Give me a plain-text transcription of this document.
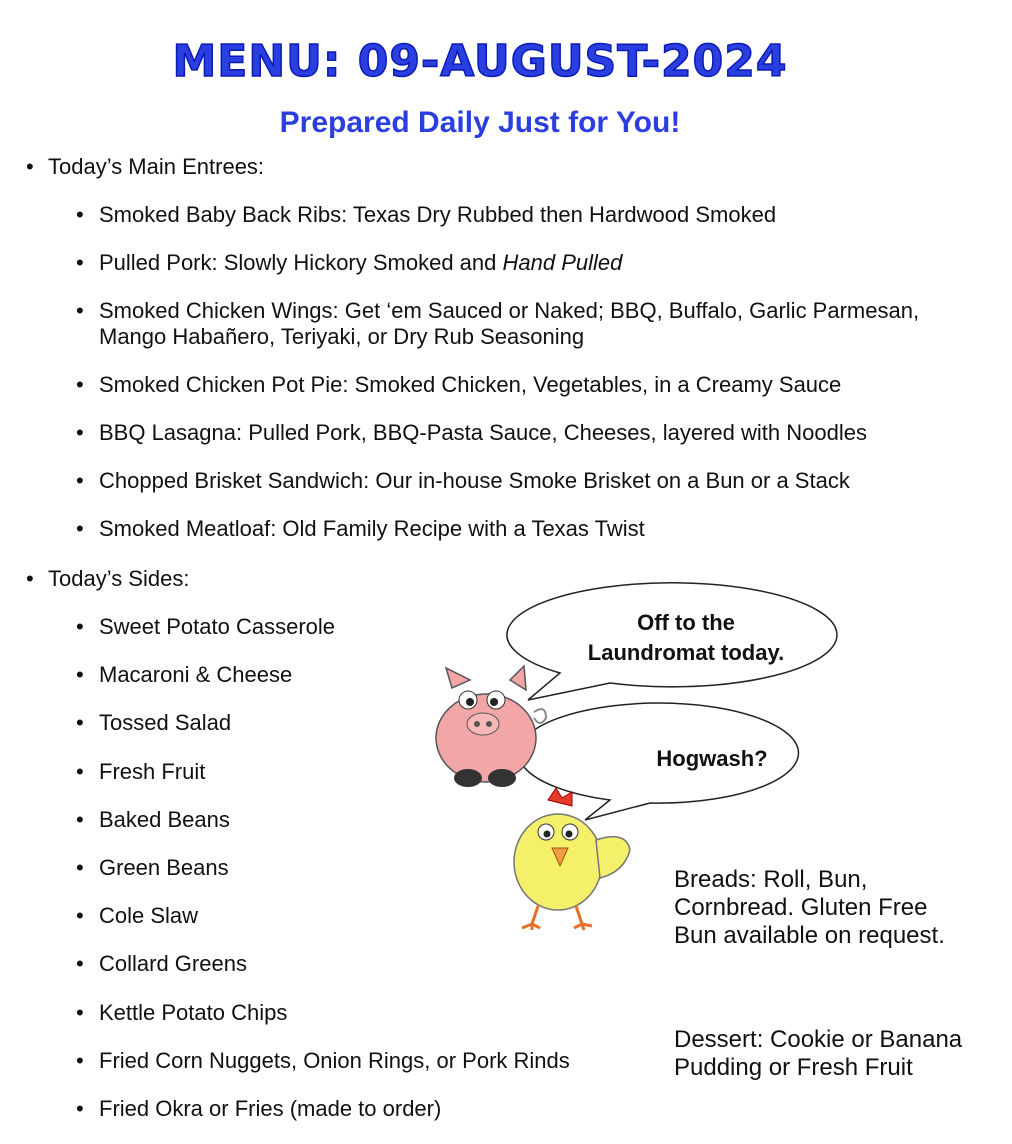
MENU: 09-AUGUST-2024
Prepared Daily Just for You!
• Today’s Main Entrees:
• Smoked Baby Back Ribs: Texas Dry Rubbed then Hardwood Smoked
• Pulled Pork: Slowly Hickory Smoked and Hand Pulled
• Smoked Chicken Wings: Get ‘em Sauced or Naked; BBQ, Buffalo, Garlic Parmesan, Mango Habañero, Teriyaki, or Dry Rub Seasoning
• Smoked Chicken Pot Pie: Smoked Chicken, Vegetables, in a Creamy Sauce
• BBQ Lasagna: Pulled Pork, BBQ-Pasta Sauce, Cheeses, layered with Noodles
• Chopped Brisket Sandwich: Our in-house Smoke Brisket on a Bun or a Stack
• Smoked Meatloaf: Old Family Recipe with a Texas Twist
• Today’s Sides:
• Sweet Potato Casserole
• Macaroni & Cheese
• Tossed Salad
• Fresh Fruit
• Baked Beans
• Green Beans
• Cole Slaw
• Collard Greens
• Kettle Potato Chips
• Fried Corn Nuggets, Onion Rings, or Pork Rinds
• Fried Okra or Fries (made to order)
Off to the
Laundromat today.
Hogwash?
Breads: Roll, Bun, Cornbread. Gluten Free Bun available on request.
Dessert: Cookie or Banana Pudding or Fresh Fruit
